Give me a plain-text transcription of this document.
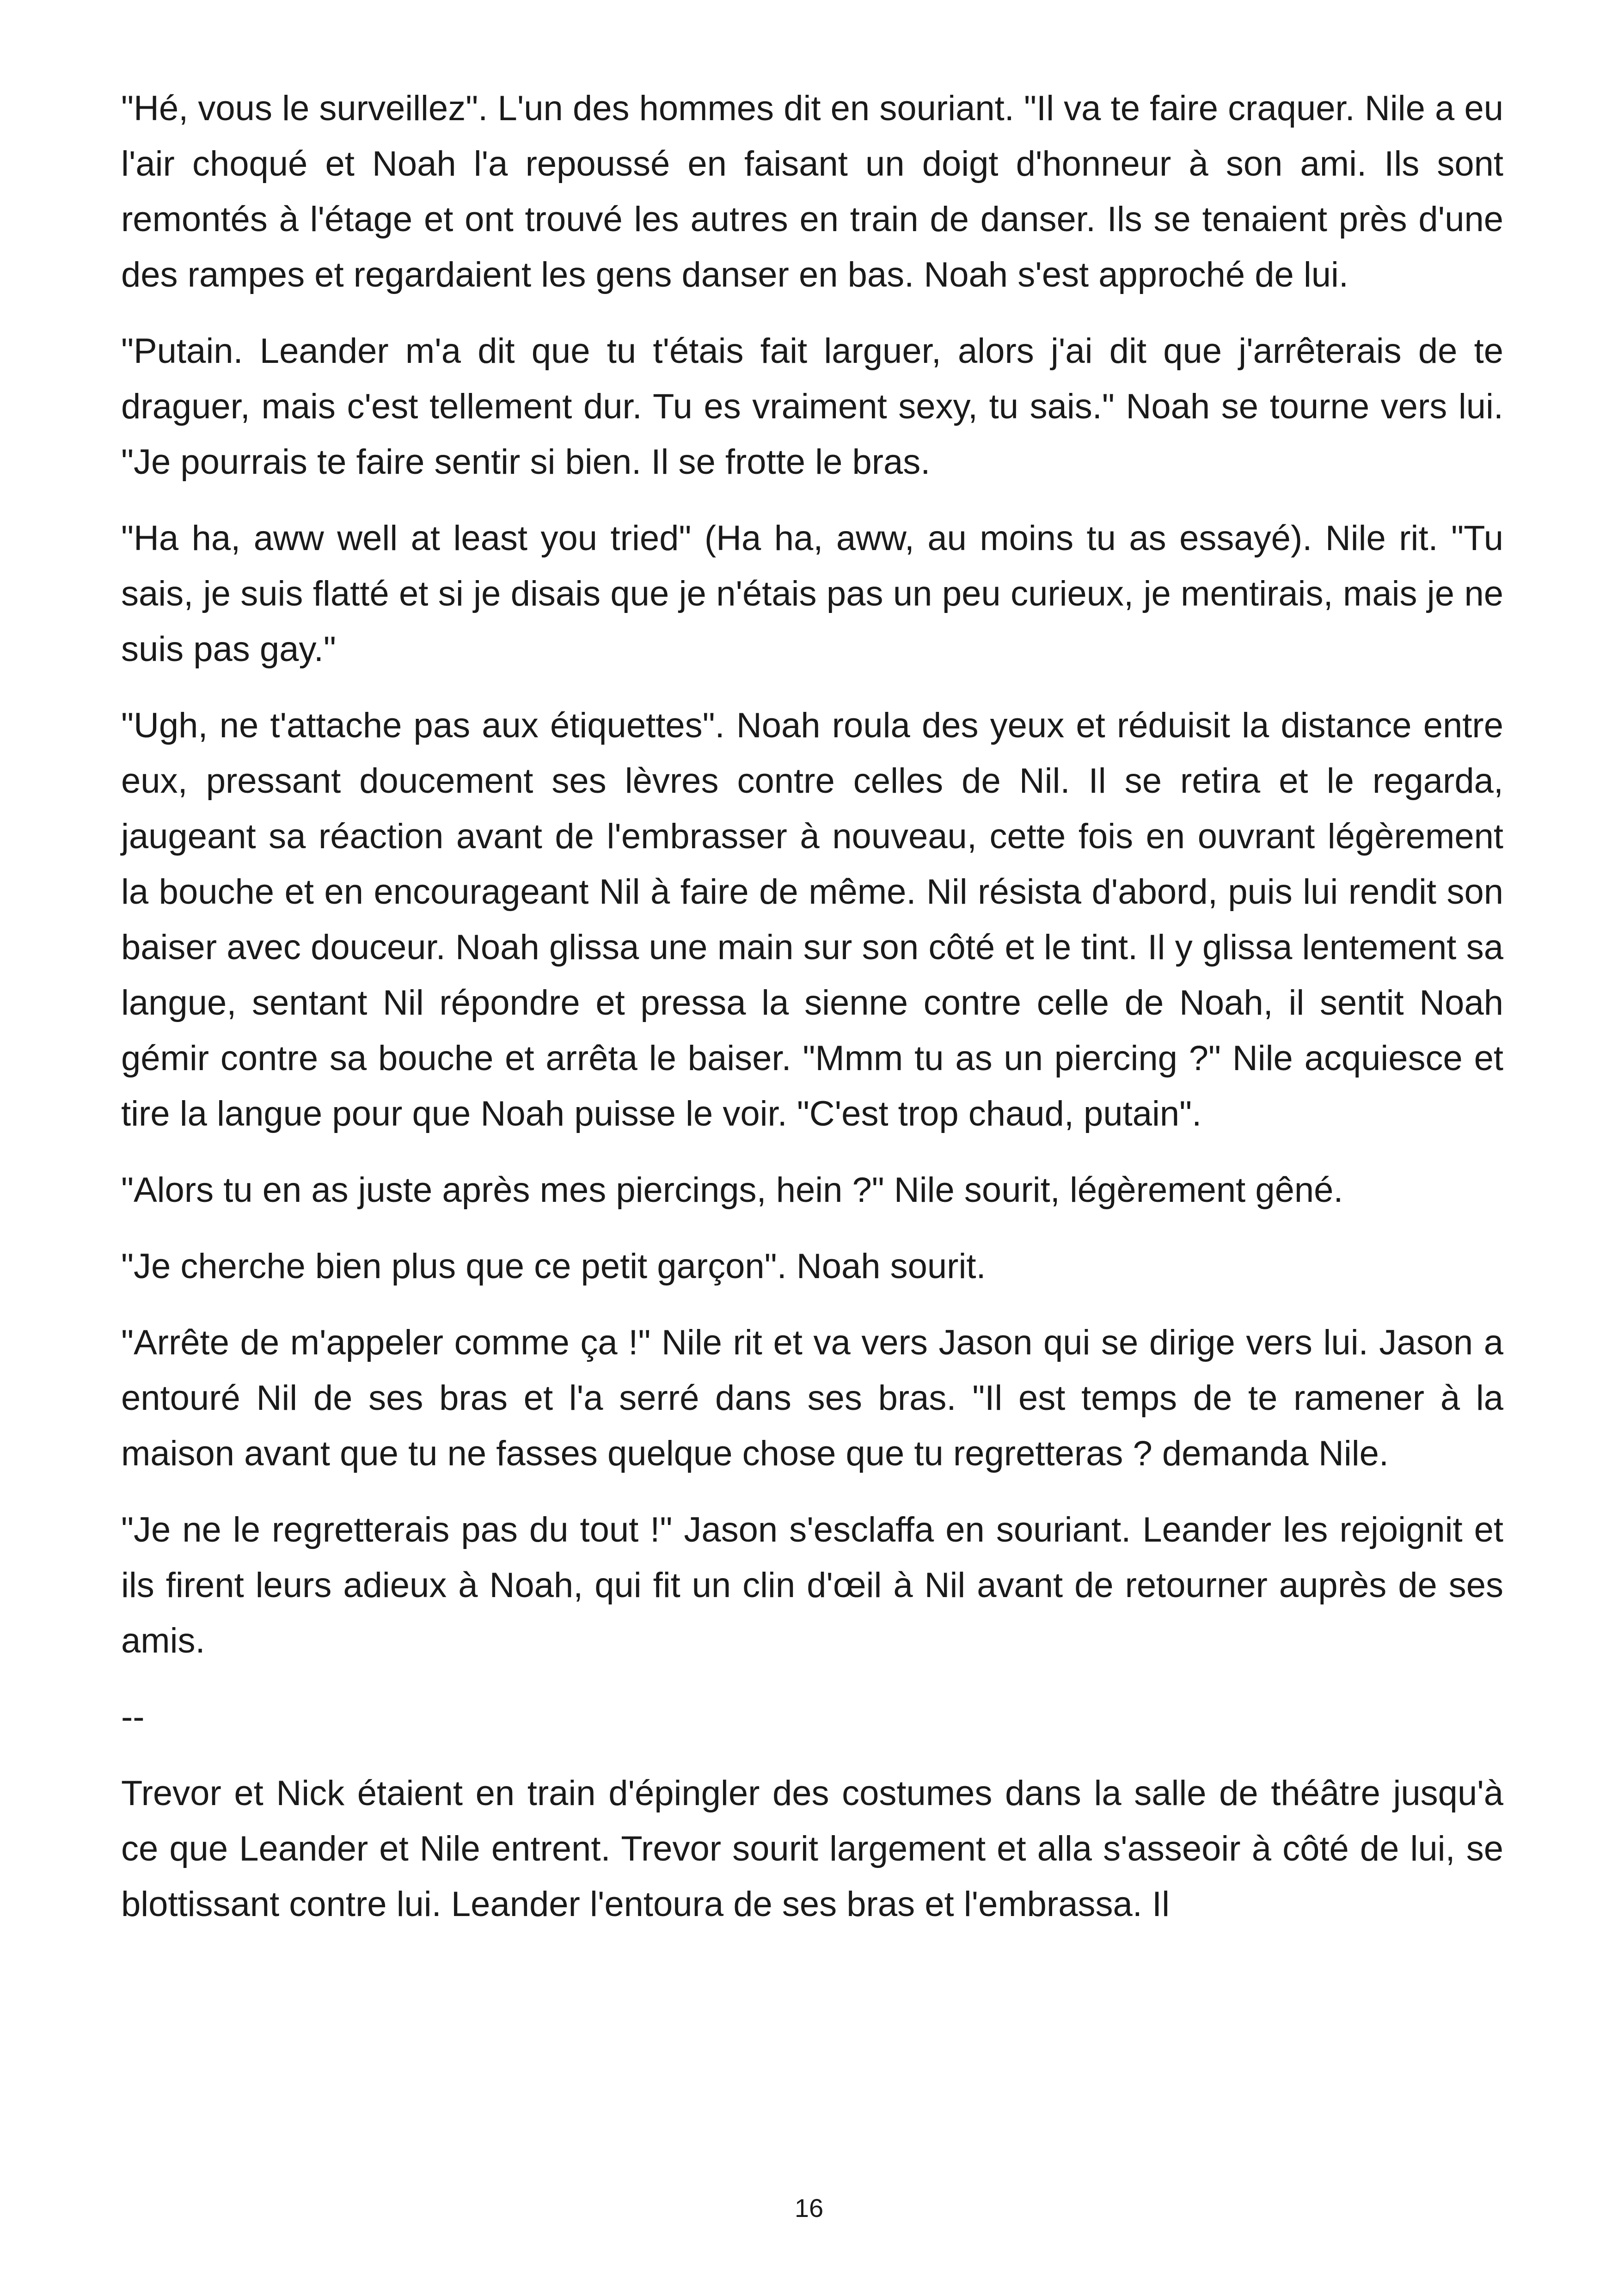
"Hé, vous le surveillez". L'un des hommes dit en souriant. "Il va te faire craquer. Nile a eu l'air choqué et Noah l'a repoussé en faisant un doigt d'honneur à son ami. Ils sont remontés à l'étage et ont trouvé les autres en train de danser. Ils se tenaient près d'une des rampes et regardaient les gens danser en bas. Noah s'est approché de lui.

"Putain. Leander m'a dit que tu t'étais fait larguer, alors j'ai dit que j'arrêterais de te draguer, mais c'est tellement dur. Tu es vraiment sexy, tu sais." Noah se tourne vers lui. "Je pourrais te faire sentir si bien. Il se frotte le bras.

"Ha ha, aww well at least you tried" (Ha ha, aww, au moins tu as essayé). Nile rit. "Tu sais, je suis flatté et si je disais que je n'étais pas un peu curieux, je mentirais, mais je ne suis pas gay."

"Ugh, ne t'attache pas aux étiquettes". Noah roula des yeux et réduisit la distance entre eux, pressant doucement ses lèvres contre celles de Nil. Il se retira et le regarda, jaugeant sa réaction avant de l'embrasser à nouveau, cette fois en ouvrant légèrement la bouche et en encourageant Nil à faire de même. Nil résista d'abord, puis lui rendit son baiser avec douceur. Noah glissa une main sur son côté et le tint. Il y glissa lentement sa langue, sentant Nil répondre et pressa la sienne contre celle de Noah, il sentit Noah gémir contre sa bouche et arrêta le baiser. "Mmm tu as un piercing ?" Nile acquiesce et tire la langue pour que Noah puisse le voir. "C'est trop chaud, putain".

"Alors tu en as juste après mes piercings, hein ?" Nile sourit, légèrement gêné.

"Je cherche bien plus que ce petit garçon". Noah sourit.

"Arrête de m'appeler comme ça !" Nile rit et va vers Jason qui se dirige vers lui. Jason a entouré Nil de ses bras et l'a serré dans ses bras. "Il est temps de te ramener à la maison avant que tu ne fasses quelque chose que tu regretteras ? demanda Nile.

"Je ne le regretterais pas du tout !" Jason s'esclaffa en souriant. Leander les rejoignit et ils firent leurs adieux à Noah, qui fit un clin d'œil à Nil avant de retourner auprès de ses amis.

--

Trevor et Nick étaient en train d'épingler des costumes dans la salle de théâtre jusqu'à ce que Leander et Nile entrent. Trevor sourit largement et alla s'asseoir à côté de lui, se blottissant contre lui. Leander l'entoura de ses bras et l'embrassa. Il

16
